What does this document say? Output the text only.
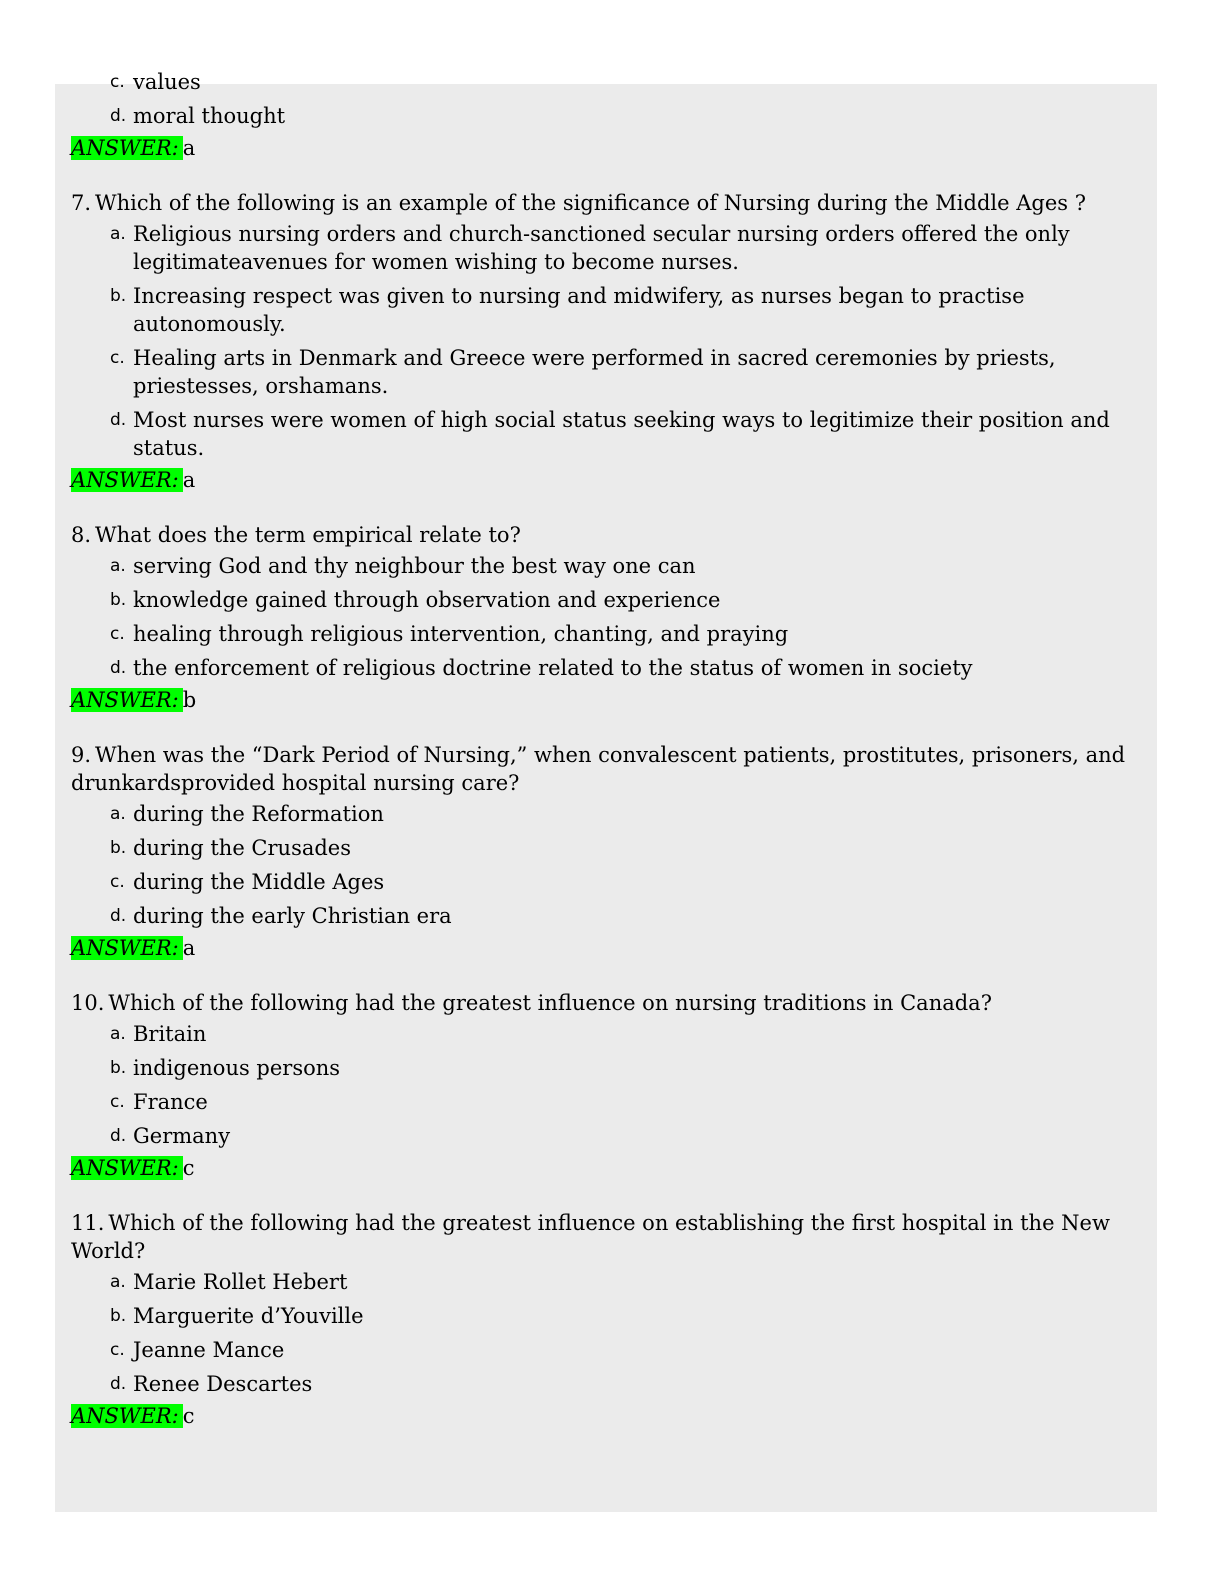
c. values
d. moral thought
ANSWER: a
7. Which of the following is an example of the significance of Nursing during the Middle Ages ?
a. Religious nursing orders and church-sanctioned secular nursing orders offered the only legitimateavenues for women wishing to become nurses.
b. Increasing respect was given to nursing and midwifery, as nurses began to practise autonomously.
c. Healing arts in Denmark and Greece were performed in sacred ceremonies by priests, priestesses, orshamans.
d. Most nurses were women of high social status seeking ways to legitimize their position and status.
ANSWER: a
8. What does the term empirical relate to?
a. serving God and thy neighbour the best way one can
b. knowledge gained through observation and experience
c. healing through religious intervention, chanting, and praying
d. the enforcement of religious doctrine related to the status of women in society
ANSWER: b
9. When was the “Dark Period of Nursing,” when convalescent patients, prostitutes, prisoners, and drunkardsprovided hospital nursing care?
a. during the Reformation
b. during the Crusades
c. during the Middle Ages
d. during the early Christian era
ANSWER: a
10. Which of the following had the greatest influence on nursing traditions in Canada?
a. Britain
b. indigenous persons
c. France
d. Germany
ANSWER: c
11. Which of the following had the greatest influence on establishing the first hospital in the New World?
a. Marie Rollet Hebert
b. Marguerite d’Youville
c. Jeanne Mance
d. Renee Descartes
ANSWER: c
